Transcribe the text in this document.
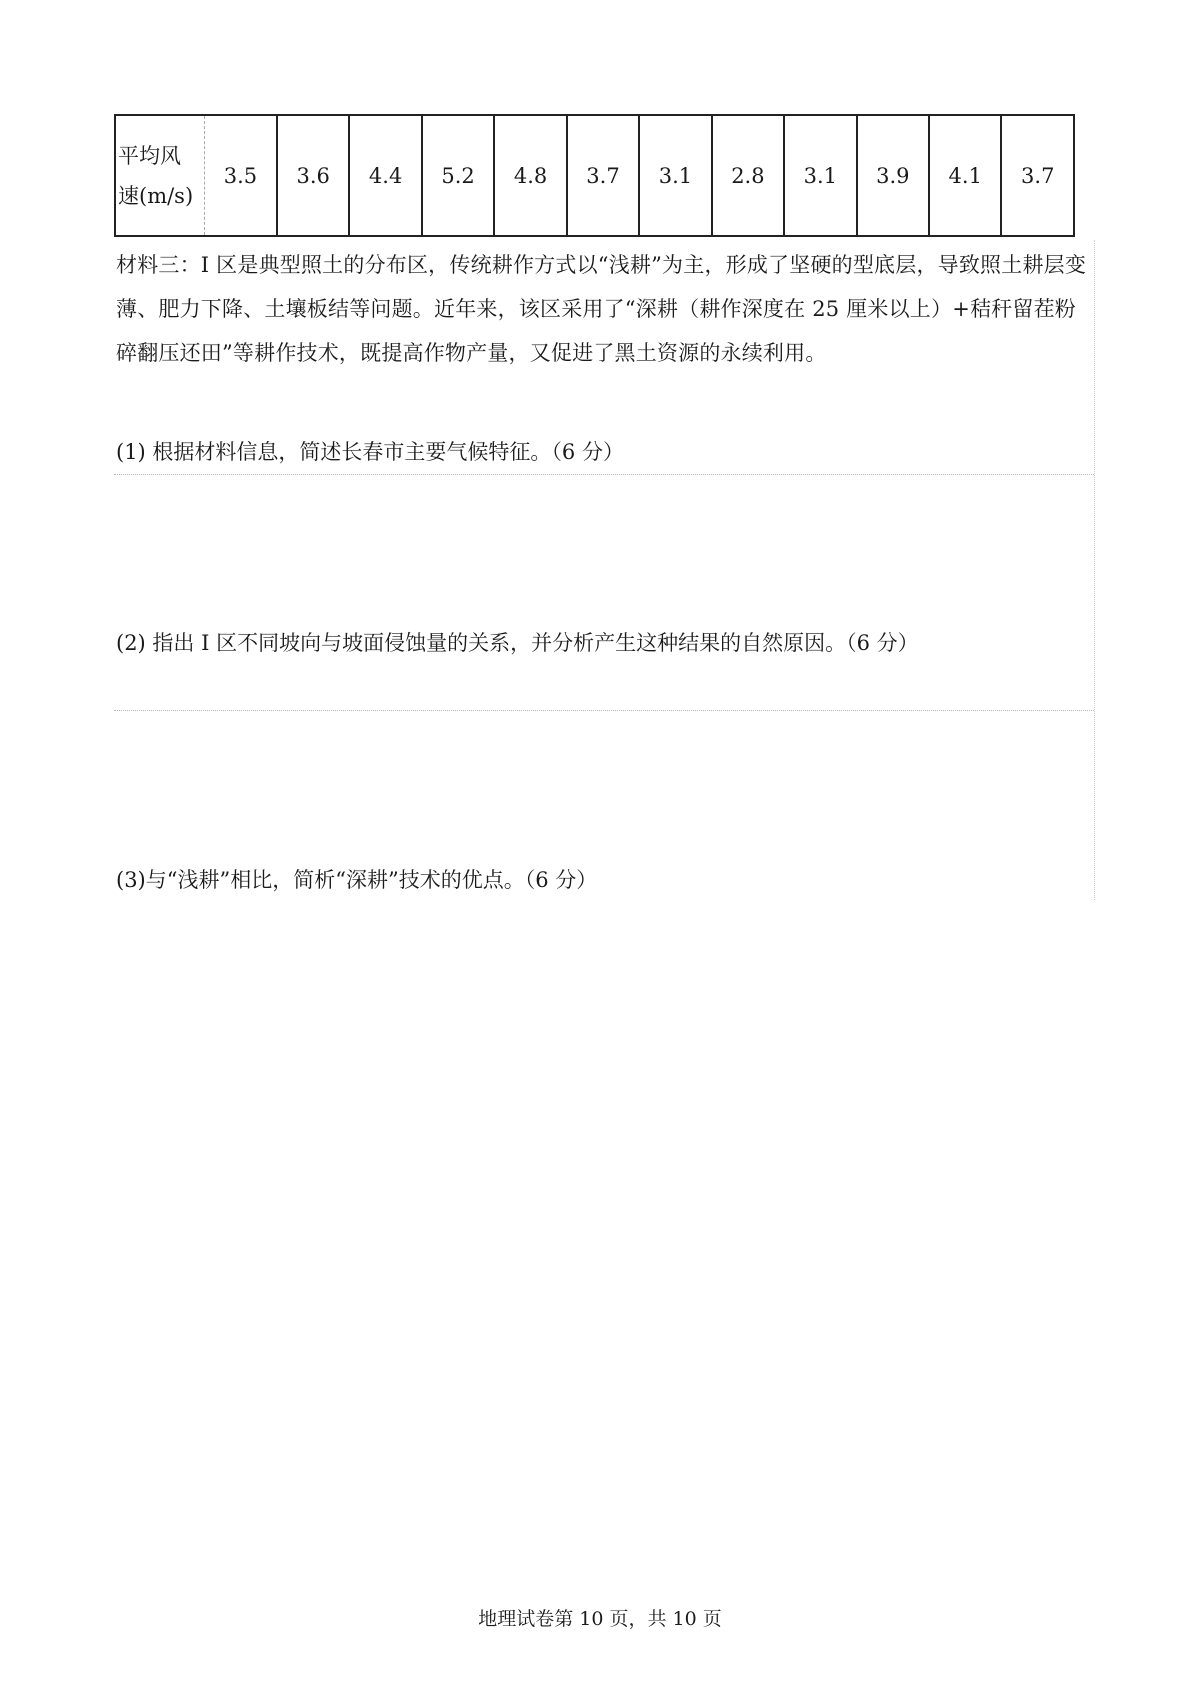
平均风
速(m/s)
	3.5	3.6	4.4	5.2	4.8	3.7	3.1	2.8	3.1	3.9	4.1	3.7
材料三：I 区是典型照土的分布区，传统耕作方式以“浅耕”为主，形成了坚硬的型底层，导致照土耕层变薄、肥力下降、土壤板结等问题。近年来，该区采用了“深耕（耕作深度在 25 厘米以上）+秸秆留茬粉碎翻压还田”等耕作技术，既提高作物产量，又促进了黑土资源的永续利用。
(1) 根据材料信息，简述长春市主要气候特征。（6 分）
(2) 指出 I 区不同坡向与坡面侵蚀量的关系，并分析产生这种结果的自然原因。（6 分）
(3)与“浅耕”相比，简析“深耕”技术的优点。（6 分）
地理试卷第 10 页，共 10 页
